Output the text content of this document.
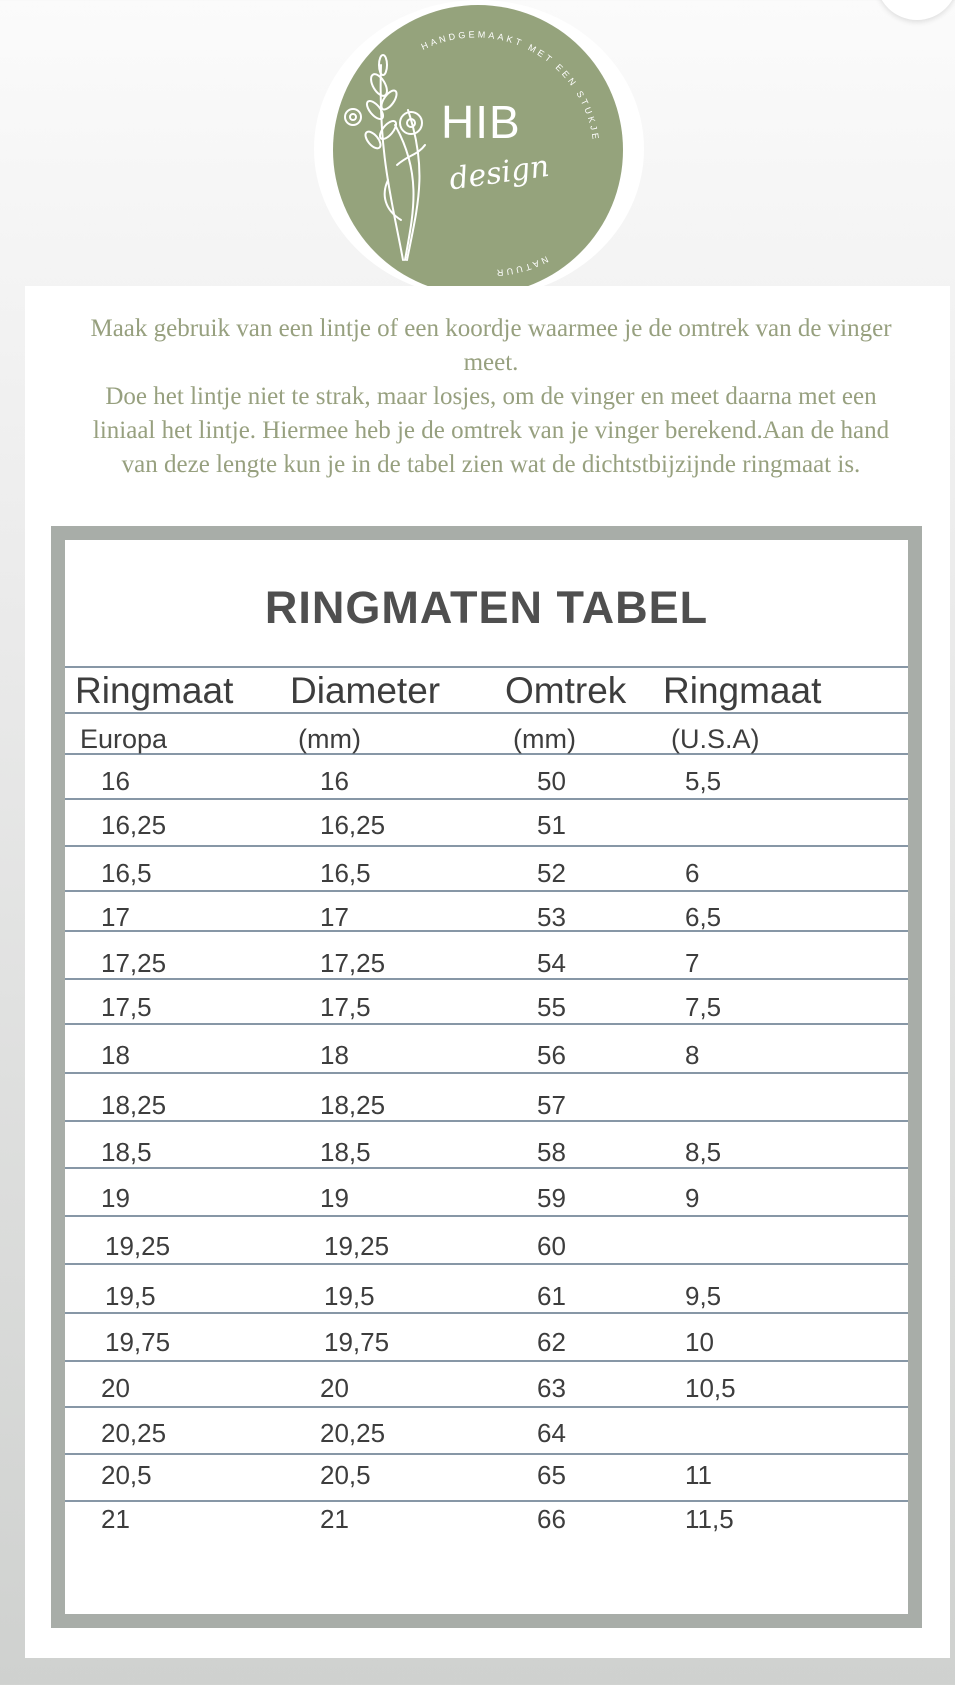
HANDGEMAAKT MET EEN STUKJE
NATUUR
HIB
design

Maak gebruik van een lintje of een koordje waarmee je de omtrek van de vinger meet.

Doe het lintje niet te strak, maar losjes, om de vinger en meet daarna met een liniaal het lintje. Hiermee heb je de omtrek van je vinger berekend.Aan de hand van deze lengte kun je in de tabel zien wat de dichtstbijzijnde ringmaat is.

RINGMATEN TABEL
Ringmaat Diameter Omtrek Ringmaat
Europa	(mm)	(mm)	(U.S.A)
16	16	50	5,5
16,25	16,25	51
16,5	16,5	52	6
17	17	53	6,5
17,25	17,25	54	7
17,5	17,5	55	7,5
18	18	56	8
18,25	18,25	57
18,5	18,5	58	8,5
19	19	59	9
19,25	19,25	60
19,5	19,5	61	9,5
19,75	19,75	62	10
20	20	63	10,5
20,25	20,25	64
20,5	20,5	65	11
21	21	66	11,5
